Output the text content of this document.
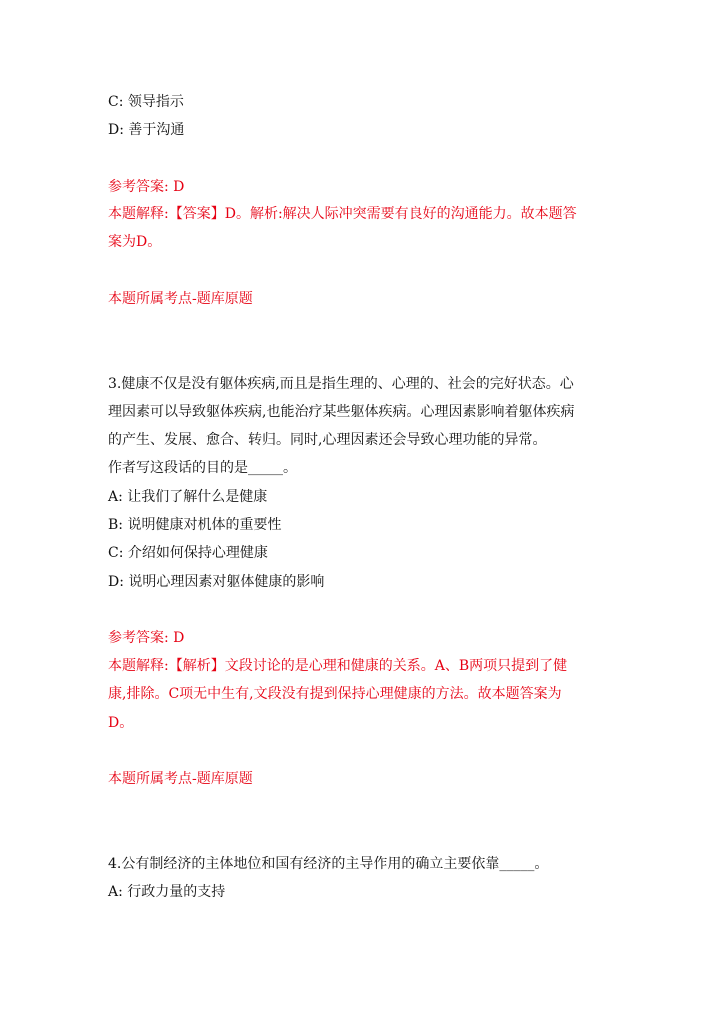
C: 领导指示
D: 善于沟通
参考答案: D
本题解释:【答案】D。解析:解决人际冲突需要有良好的沟通能力。故本题答
案为D。
本题所属考点-题库原题
3.健康不仅是没有躯体疾病,而且是指生理的、心理的、社会的完好状态。心
理因素可以导致躯体疾病,也能治疗某些躯体疾病。心理因素影响着躯体疾病
的产生、发展、愈合、转归。同时,心理因素还会导致心理功能的异常。
作者写这段话的目的是_____。
A: 让我们了解什么是健康
B: 说明健康对机体的重要性
C: 介绍如何保持心理健康
D: 说明心理因素对躯体健康的影响
参考答案: D
本题解释:【解析】文段讨论的是心理和健康的关系。A、B两项只提到了健
康,排除。C项无中生有,文段没有提到保持心理健康的方法。故本题答案为
D。
本题所属考点-题库原题
4.公有制经济的主体地位和国有经济的主导作用的确立主要依靠_____。
A: 行政力量的支持
